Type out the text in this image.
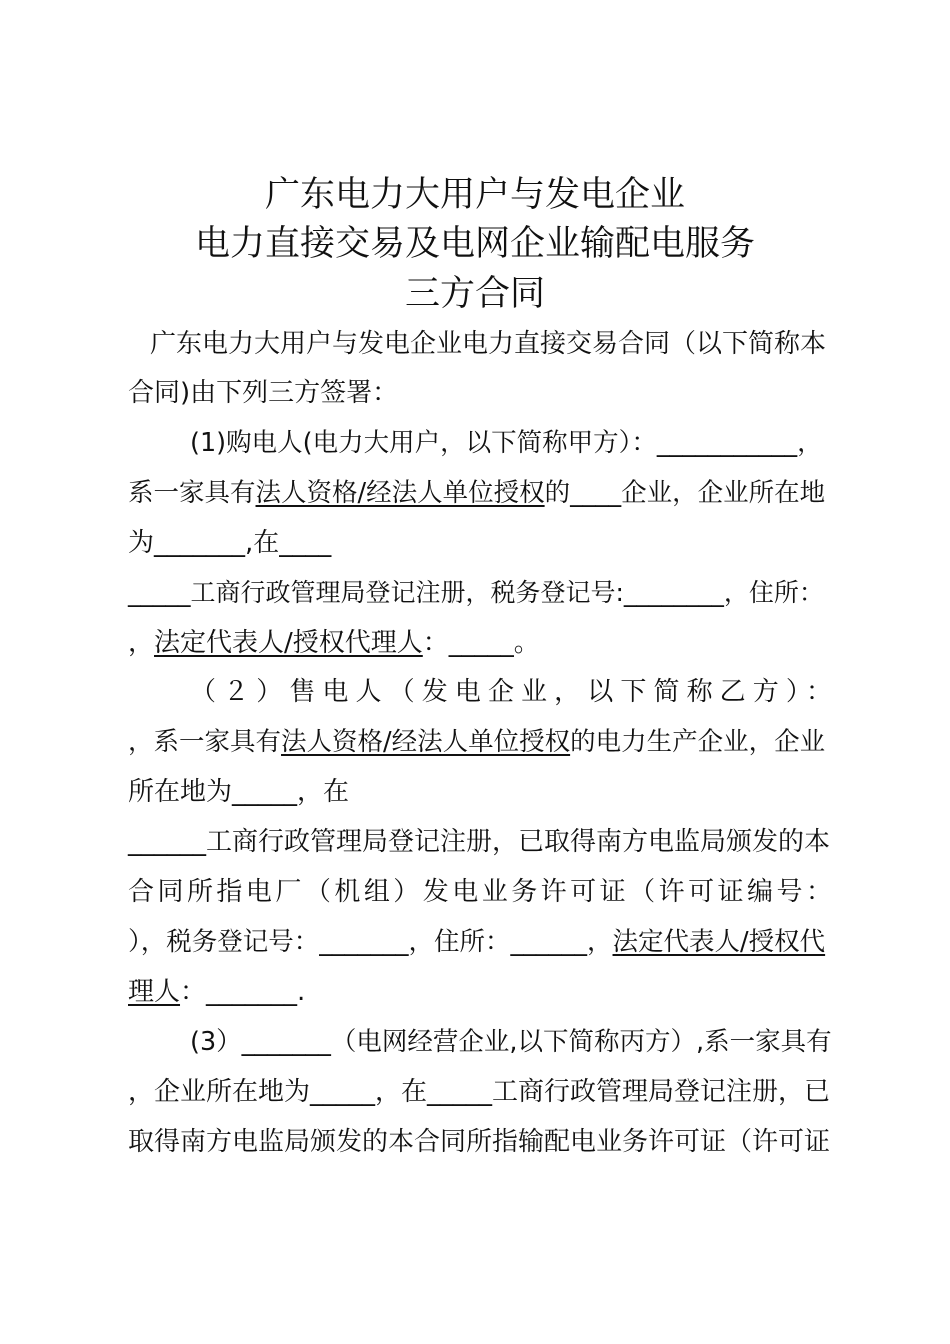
广东电力大用户与发电企业
电力直接交易及电网企业输配电服务
三方合同
广东电力大用户与发电企业电力直接交易合同（以下简称本
合同)由下列三方签署：
(1)购电人(电力大用户，以下简称甲方）：___________，
系一家具有法人资格/经法人单位授权的____企业，企业所在地
为_______,在____
_____工商行政管理局登记注册，税务登记号:________，住所：
，法定代表人/授权代理人：_____。
（２）售电人（发电企业，以下简称乙方）：
，系一家具有法人资格/经法人单位授权的电力生产企业，企业
所在地为_____，在
______工商行政管理局登记注册，已取得南方电监局颁发的本
合同所指电厂（机组）发电业务许可证（许可证编号：
），税务登记号：_______，住所：______，法定代表人/授权代
理人：_______.
(3）_______（电网经营企业,以下简称丙方）,系一家具有
，企业所在地为_____，在_____工商行政管理局登记注册，已
取得南方电监局颁发的本合同所指输配电业务许可证（许可证
